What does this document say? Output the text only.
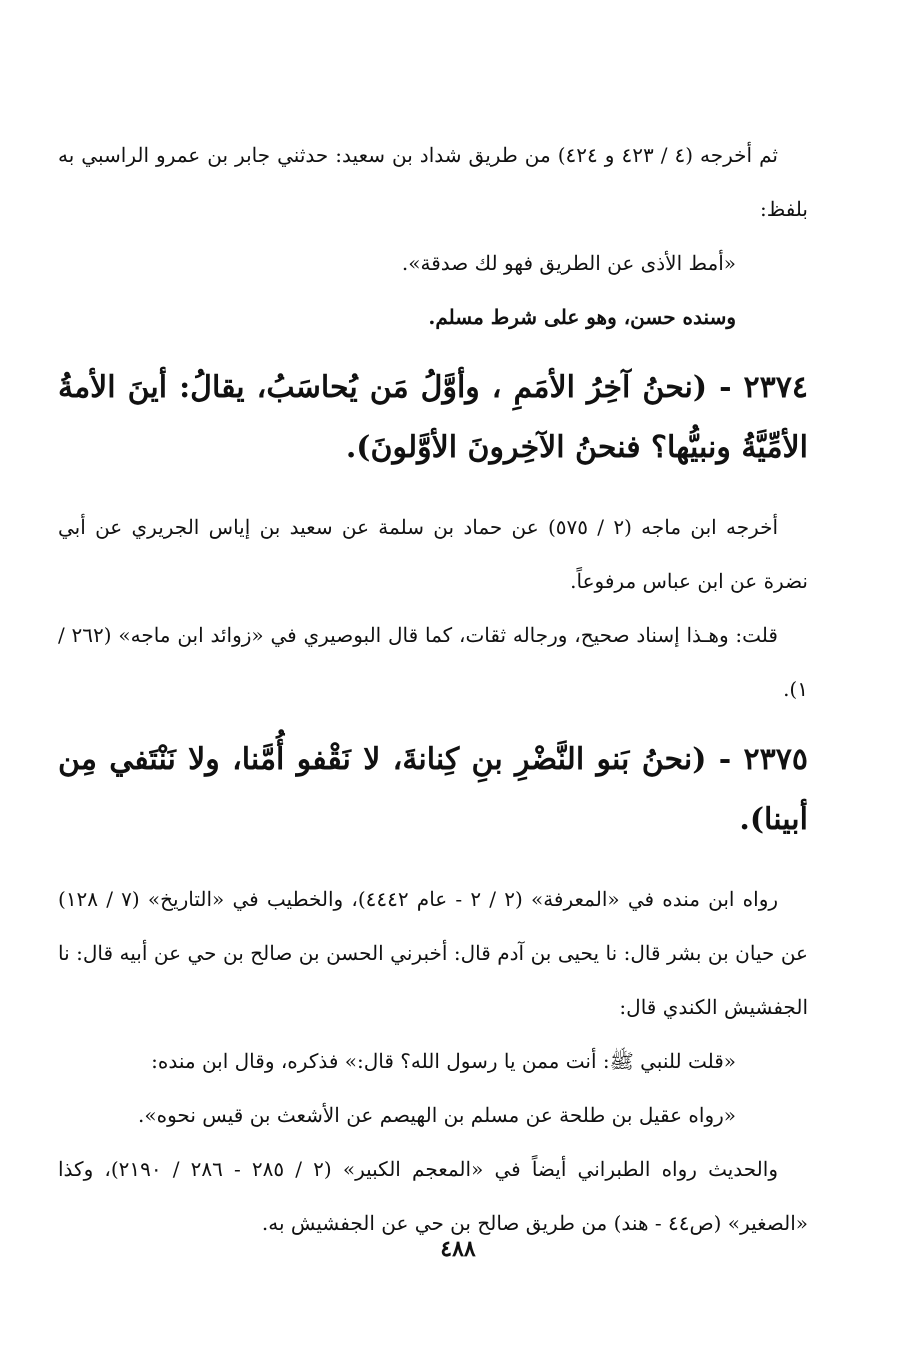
ثم أخرجه (٤ / ٤٢٣ و ٤٢٤) من طريق شداد بن سعيد: حدثني جابر بن عمرو الراسبي به بلفظ:

«أمط الأذى عن الطريق فهو لك صدقة».

وسنده حسن، وهو على شرط مسلم.

٢٣٧٤ - (نحنُ آخِرُ الأمَمِ ، وأوَّلُ مَن يُحاسَبُ، يقالُ: أينَ الأمةُ الأمِّيَّةُ ونبيُّها؟ فنحنُ الآخِرونَ الأوَّلونَ).

أخرجه ابن ماجه (٢ / ٥٧٥) عن حماد بن سلمة عن سعيد بن إياس الجريري عن أبي نضرة عن ابن عباس مرفوعاً.

قلت: وهـذا إسناد صحيح، ورجاله ثقات، كما قال البوصيري في «زوائد ابن ماجه» (٢٦٢ / ١).

٢٣٧٥ - (نحنُ بَنو النَّضْرِ بنِ كِنانةَ، لا نَقْفو أُمَّنا، ولا نَنْتَفي مِن أبينا).

رواه ابن منده في «المعرفة» (٢ / ٢ - عام ٤٤٤٢)، والخطيب في «التاريخ» (٧ / ١٢٨) عن حيان بن بشر قال: نا يحيى بن آدم قال: أخبرني الحسن بن صالح بن حي عن أبيه قال: نا الجفشيش الكندي قال:

«قلت للنبي ﷺ: أنت ممن يا رسول الله؟ قال:» فذكره، وقال ابن منده:

«رواه عقيل بن طلحة عن مسلم بن الهيصم عن الأشعث بن قيس نحوه».

والحديث رواه الطبراني أيضاً في «المعجم الكبير» (٢ / ٢٨٥ - ٢٨٦ / ٢١٩٠)، وكذا «الصغير» (ص٤٤ - هند) من طريق صالح بن حي عن الجفشيش به.

٤٨٨
